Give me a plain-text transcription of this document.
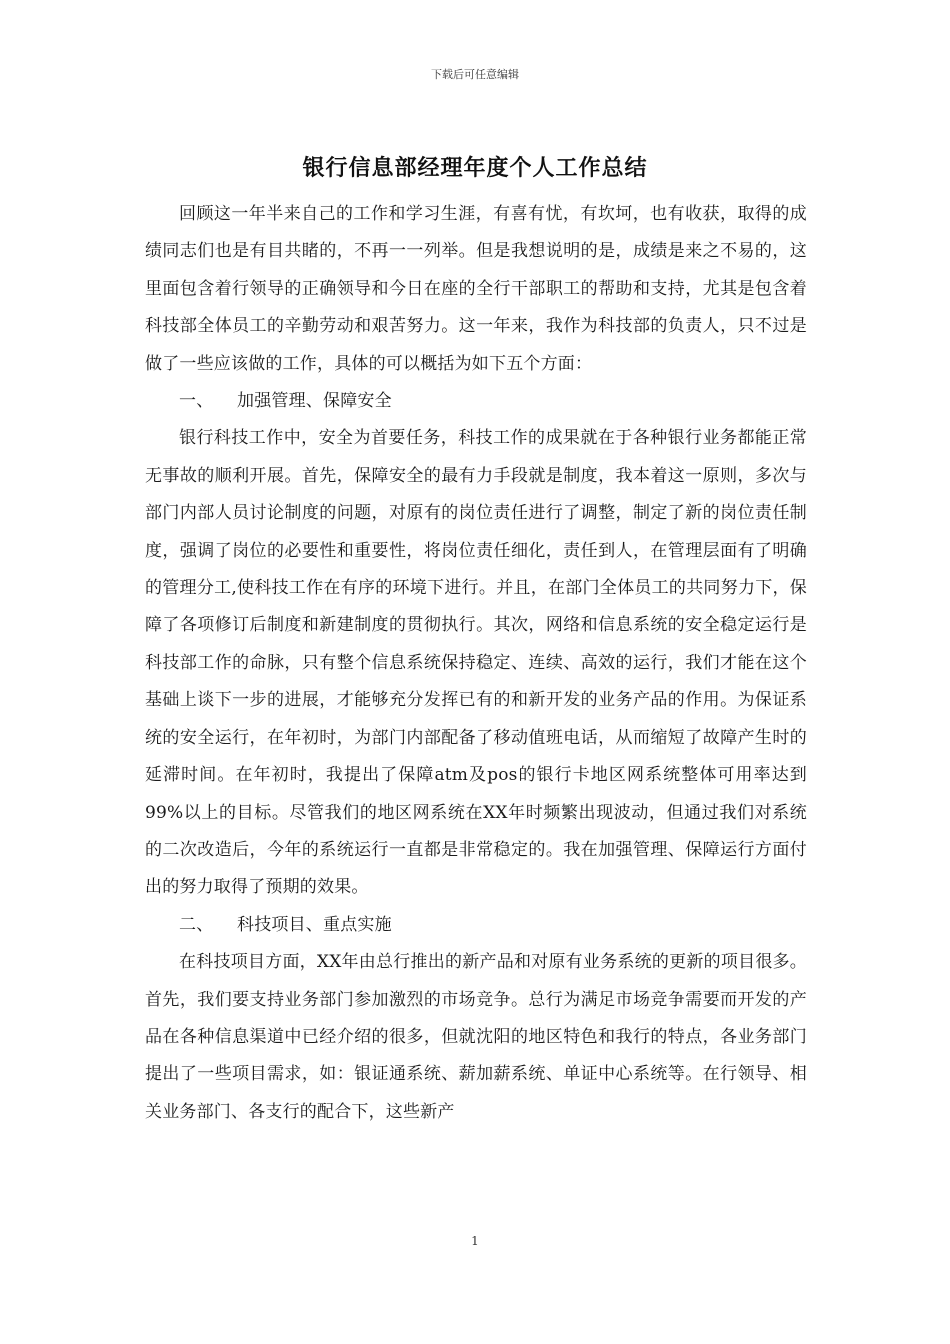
下载后可任意编辑
银行信息部经理年度个人工作总结

回顾这一年半来自己的工作和学习生涯，有喜有忧，有坎坷，也有收获，取得的成绩同志们也是有目共睹的，不再一一列举。但是我想说明的是，成绩是来之不易的，这里面包含着行领导的正确领导和今日在座的全行干部职工的帮助和支持，尤其是包含着科技部全体员工的辛勤劳动和艰苦努力。这一年来，我作为科技部的负责人，只不过是做了一些应该做的工作，具体的可以概括为如下五个方面：

一、 加强管理、保障安全

银行科技工作中，安全为首要任务，科技工作的成果就在于各种银行业务都能正常无事故的顺利开展。首先，保障安全的最有力手段就是制度，我本着这一原则，多次与部门内部人员讨论制度的问题，对原有的岗位责任进行了调整，制定了新的岗位责任制度，强调了岗位的必要性和重要性，将岗位责任细化，责任到人，在管理层面有了明确的管理分工,使科技工作在有序的环境下进行。并且，在部门全体员工的共同努力下，保障了各项修订后制度和新建制度的贯彻执行。其次，网络和信息系统的安全稳定运行是科技部工作的命脉，只有整个信息系统保持稳定、连续、高效的运行，我们才能在这个基础上谈下一步的进展，才能够充分发挥已有的和新开发的业务产品的作用。为保证系统的安全运行，在年初时，为部门内部配备了移动值班电话，从而缩短了故障产生时的延滞时间。在年初时，我提出了保障atm及pos的银行卡地区网系统整体可用率达到99%以上的目标。尽管我们的地区网系统在XX年时频繁出现波动，但通过我们对系统的二次改造后，今年的系统运行一直都是非常稳定的。我在加强管理、保障运行方面付出的努力取得了预期的效果。

二、 科技项目、重点实施

在科技项目方面，XX年由总行推出的新产品和对原有业务系统的更新的项目很多。首先，我们要支持业务部门参加激烈的市场竞争。总行为满足市场竞争需要而开发的产品在各种信息渠道中已经介绍的很多，但就沈阳的地区特色和我行的特点，各业务部门提出了一些项目需求，如：银证通系统、薪加薪系统、单证中心系统等。在行领导、相关业务部门、各支行的配合下，这些新产

1
